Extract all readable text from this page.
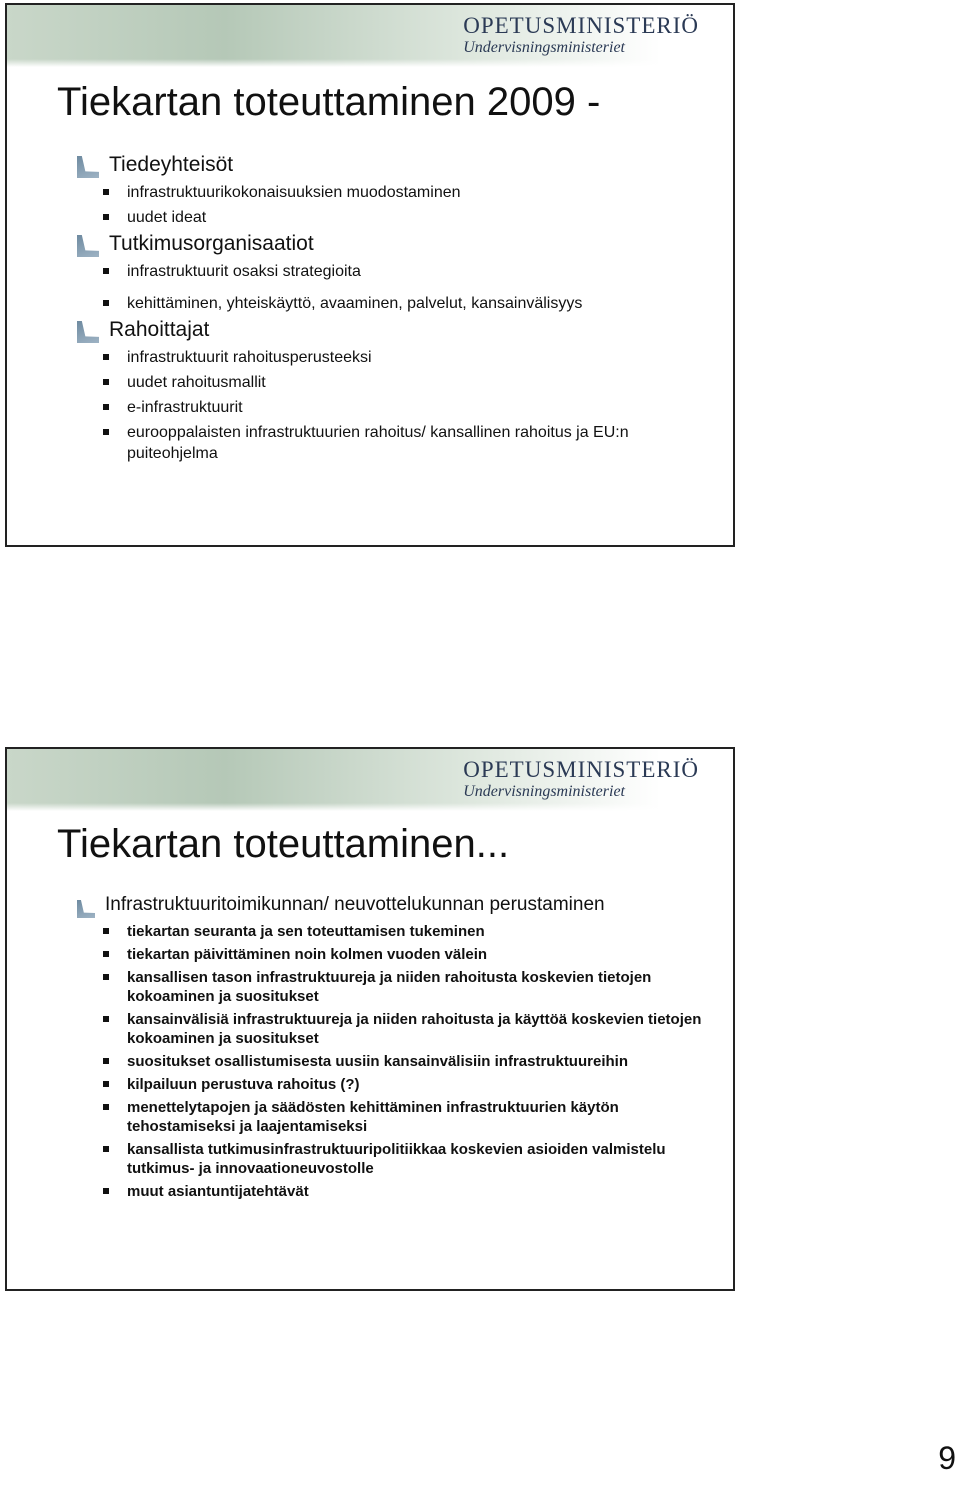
OPETUSMINISTERIÖ
Undervisningsministeriet
Tiekartan toteuttaminen 2009 -
Tiedeyhteisöt
infrastruktuurikokonaisuuksien muodostaminen
uudet ideat
Tutkimusorganisaatiot
infrastruktuurit osaksi strategioita
kehittäminen, yhteiskäyttö, avaaminen, palvelut, kansainvälisyys
Rahoittajat
infrastruktuurit rahoitusperusteeksi
uudet rahoitusmallit
e-infrastruktuurit
eurooppalaisten infrastruktuurien rahoitus/ kansallinen rahoitus ja EU:n puiteohjelma
OPETUSMINISTERIÖ
Undervisningsministeriet
Tiekartan toteuttaminen...
Infrastruktuuritoimikunnan/ neuvottelukunnan perustaminen
tiekartan seuranta ja sen toteuttamisen tukeminen
tiekartan päivittäminen noin kolmen vuoden välein
kansallisen tason infrastruktuureja ja niiden rahoitusta koskevien tietojen kokoaminen ja suositukset
kansainvälisiä infrastruktuureja ja niiden rahoitusta ja käyttöä koskevien tietojen kokoaminen ja suositukset
suositukset osallistumisesta uusiin kansainvälisiin infrastruktuureihin
kilpailuun perustuva rahoitus (?)
menettelytapojen ja säädösten kehittäminen infrastruktuurien käytön tehostamiseksi ja laajentamiseksi
kansallista tutkimusinfrastruktuuripolitiikkaa koskevien asioiden valmistelu tutkimus- ja innovaationeuvostolle
muut asiantuntijatehtävät
9
